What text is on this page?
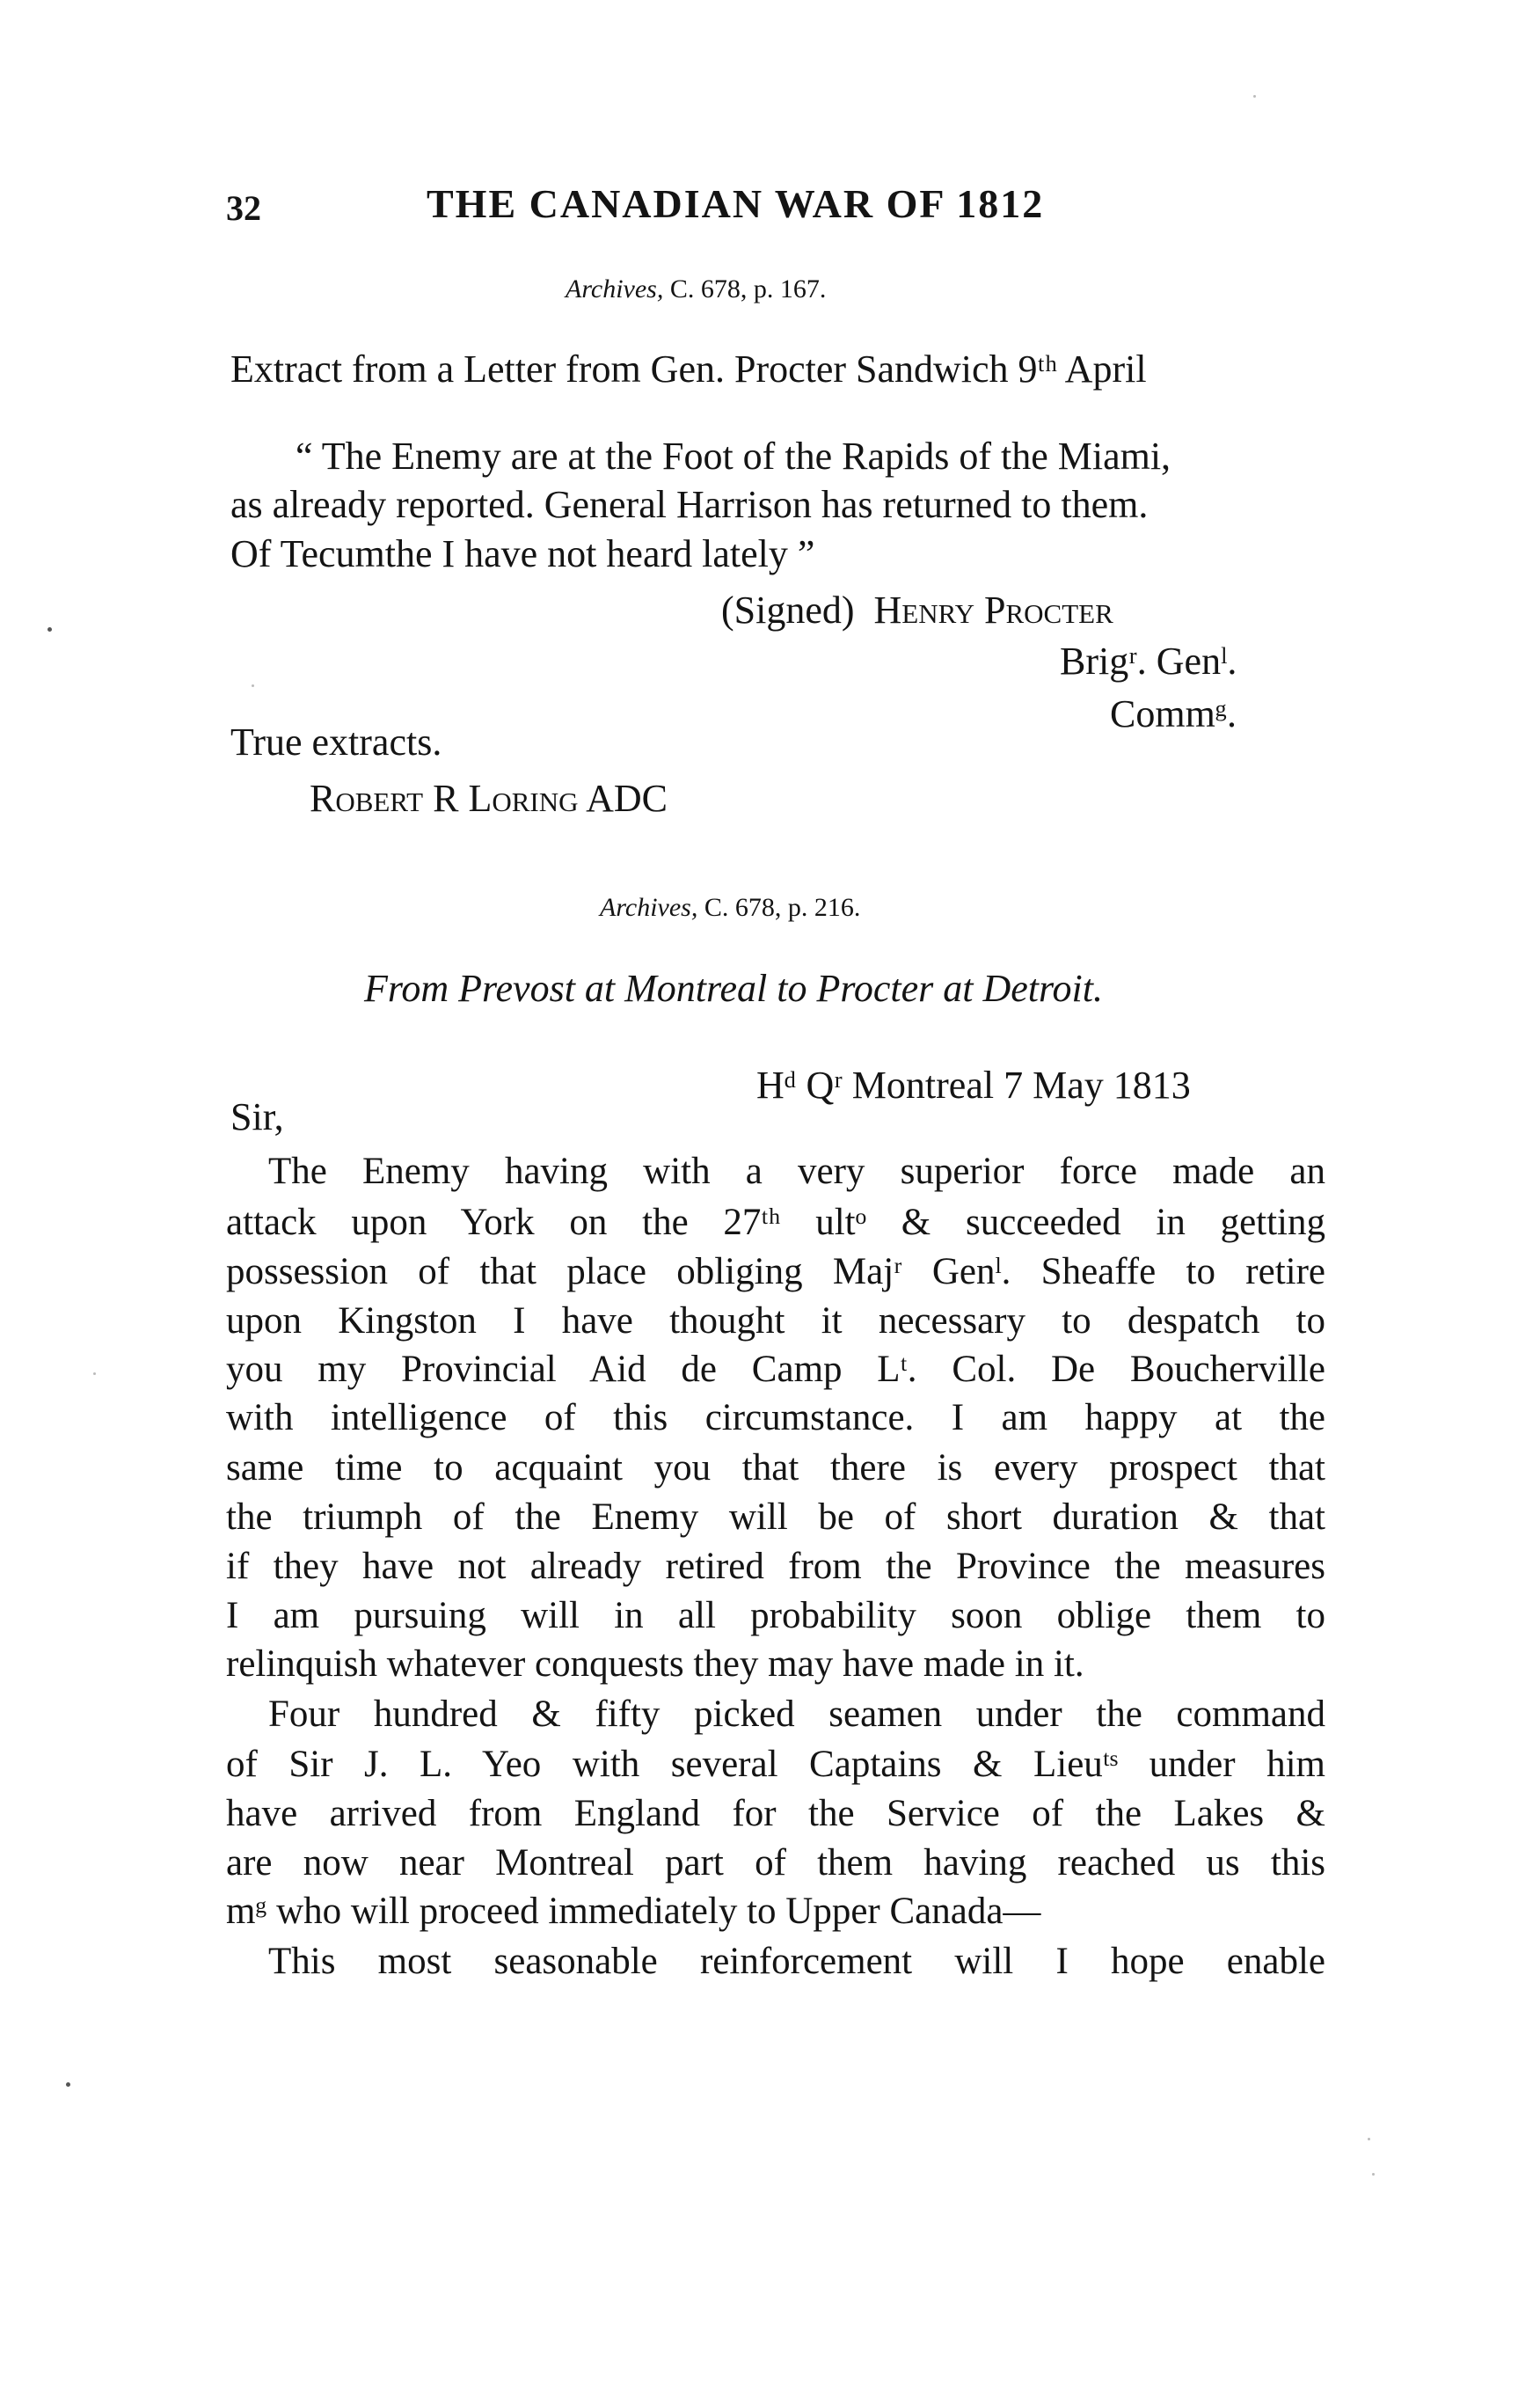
32	THE CANADIAN WAR OF 1812
Archives, C. 678, p. 167.
Extract from a Letter from Gen. Procter Sandwich 9ᵗʰ April
“ The Enemy are at the Foot of the Rapids of the Miami,
as already reported. General Harrison has returned to them.
Of Tecumthe I have not heard lately ”
(Signed) Henry Procter
Brigʳ. Genˡ.
Commᵍ.
True extracts.
Robert R Loring ADC
Archives, C. 678, p. 216.
From Prevost at Montreal to Procter at Detroit.
Hᵈ Qʳ Montreal 7 May 1813
Sir,
The Enemy having with a very superior force made an
attack upon York on the 27ᵗʰ ultᵒ & succeeded in getting
possession of that place obliging Majʳ Genˡ. Sheaffe to retire
upon Kingston I have thought it necessary to despatch to
you my Provincial Aid de Camp Lᵗ. Col. De Boucherville
with intelligence of this circumstance. I am happy at the
same time to acquaint you that there is every prospect that
the triumph of the Enemy will be of short duration & that
if they have not already retired from the Province the measures
I am pursuing will in all probability soon oblige them to
relinquish whatever conquests they may have made in it.
Four hundred & fifty picked seamen under the command
of Sir J. L. Yeo with several Captains & Lieuᵗˢ under him
have arrived from England for the Service of the Lakes &
are now near Montreal part of them having reached us this
mᵍ who will proceed immediately to Upper Canada—
This most seasonable reinforcement will I hope enable
